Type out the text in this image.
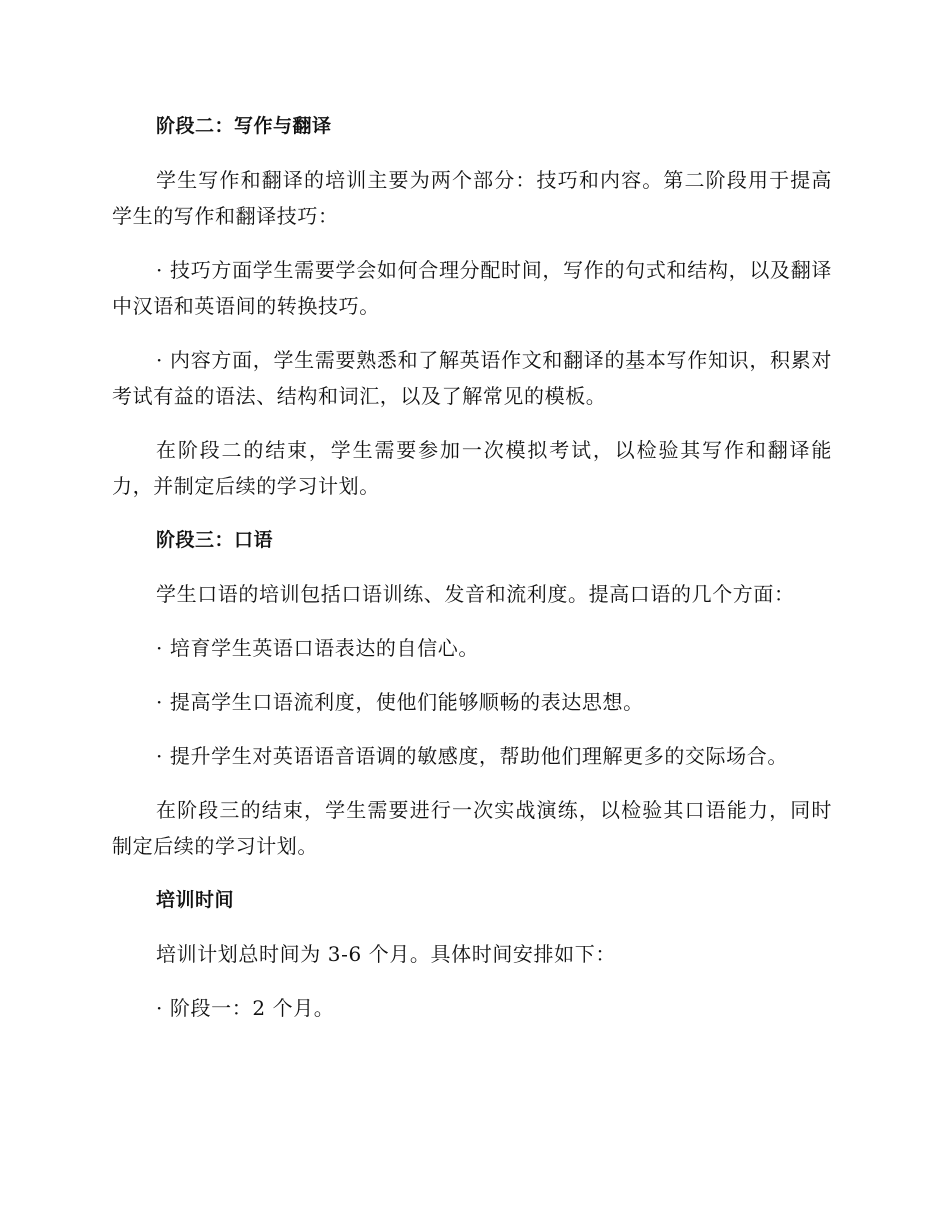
阶段二：写作与翻译
学生写作和翻译的培训主要为两个部分：技巧和内容。第二阶段用于提高学生的写作和翻译技巧：
· 技巧方面学生需要学会如何合理分配时间，写作的句式和结构，以及翻译中汉语和英语间的转换技巧。
· 内容方面，学生需要熟悉和了解英语作文和翻译的基本写作知识，积累对考试有益的语法、结构和词汇，以及了解常见的模板。
在阶段二的结束，学生需要参加一次模拟考试，以检验其写作和翻译能力，并制定后续的学习计划。
阶段三：口语
学生口语的培训包括口语训练、发音和流利度。提高口语的几个方面：
· 培育学生英语口语表达的自信心。
· 提高学生口语流利度，使他们能够顺畅的表达思想。
· 提升学生对英语语音语调的敏感度，帮助他们理解更多的交际场合。
在阶段三的结束，学生需要进行一次实战演练，以检验其口语能力，同时制定后续的学习计划。
培训时间
培训计划总时间为 3-6 个月。具体时间安排如下：
· 阶段一：2 个月。
